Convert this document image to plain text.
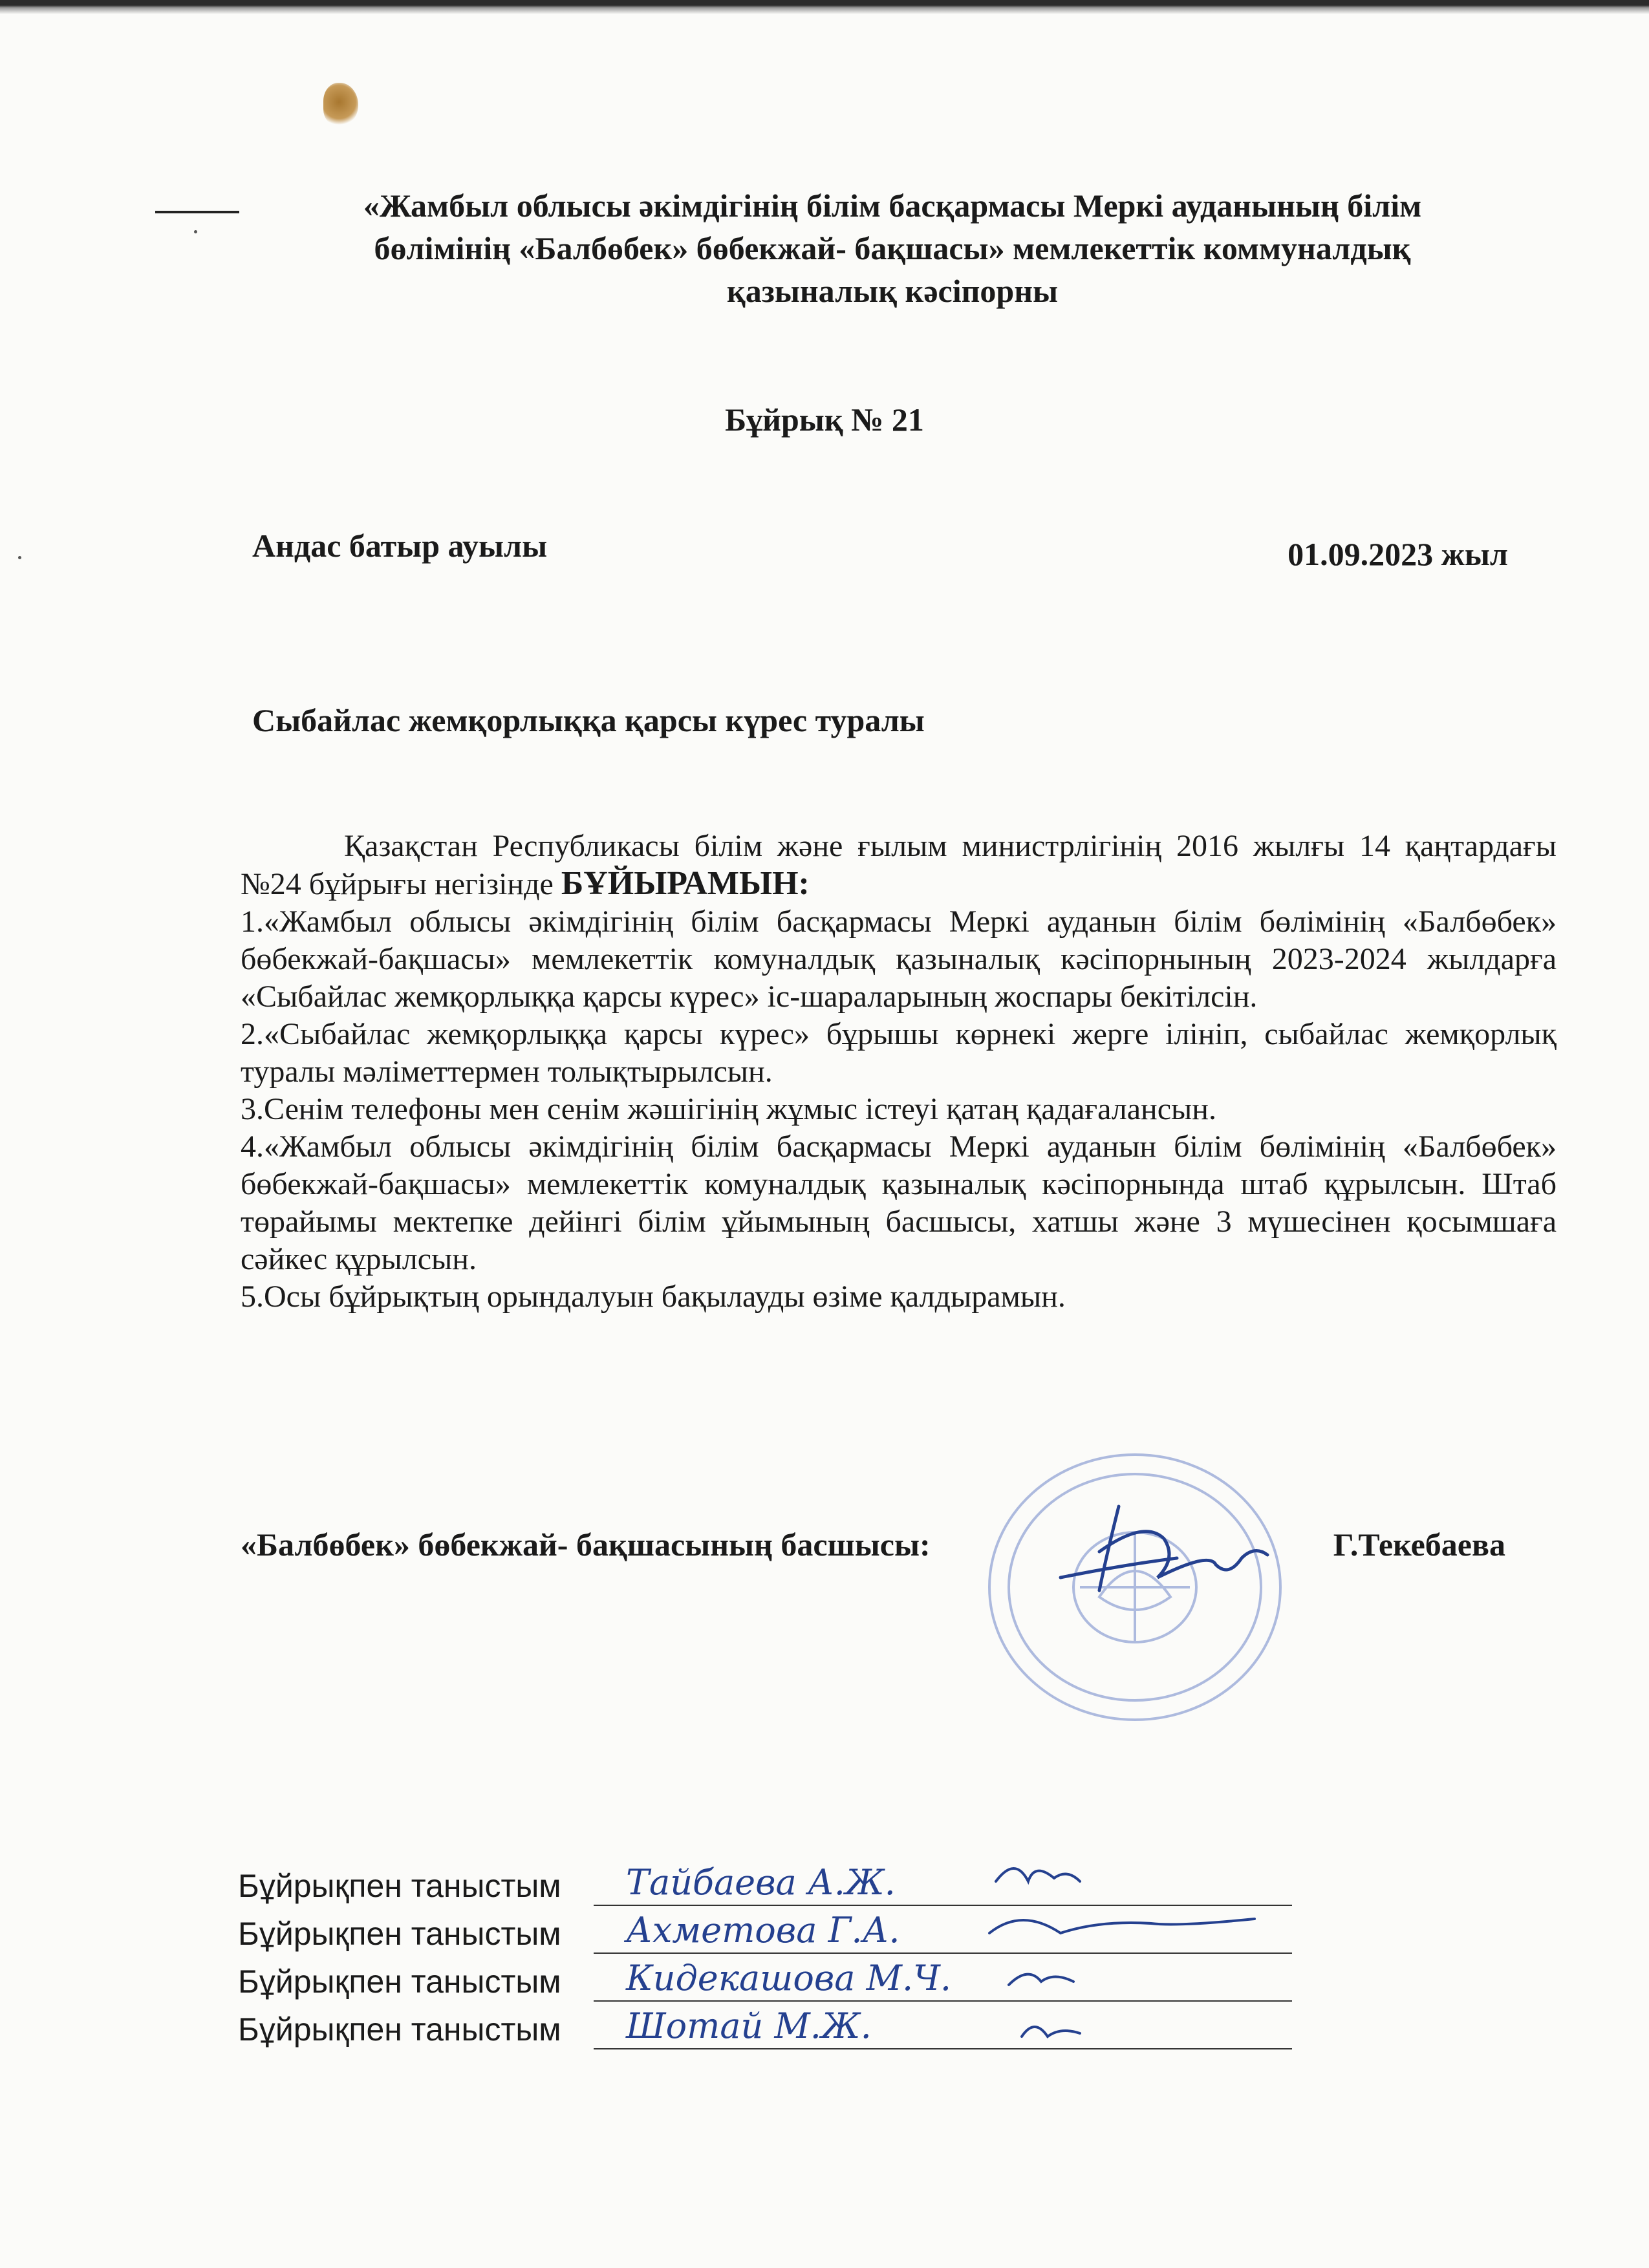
«Жамбыл облысы әкімдігінің білім басқармасы Меркі ауданының білім
бөлімінің «Балбөбек» бөбекжай- бақшасы» мемлекеттік коммуналдық
қазыналық кәсіпорны
Бұйрық № 21
Андас батыр ауылы	01.09.2023 жыл
Сыбайлас жемқорлыққа қарсы күрес туралы

Қазақстан Республикасы білім және ғылым министрлігінің 2016 жылғы 14 қаңтардағы №24 бұйрығы негізінде БҰЙЫРАМЫН:

1.«Жамбыл облысы әкімдігінің білім басқармасы Меркі ауданын білім бөлімінің «Балбөбек» бөбекжай-бақшасы» мемлекеттік комуналдық қазыналық кәсіпорнының 2023-2024 жылдарға «Сыбайлас жемқорлыққа қарсы күрес» іс-шараларының жоспары бекітілсін.

2.«Сыбайлас жемқорлыққа қарсы күрес» бұрышы көрнекі жерге ілініп, сыбайлас жемқорлық туралы мәліметтермен толықтырылсын.

3.Сенім телефоны мен сенім жәшігінің жұмыс істеуі қатаң қадағалансын.

4.«Жамбыл облысы әкімдігінің білім басқармасы Меркі ауданын білім бөлімінің «Балбөбек» бөбекжай-бақшасы» мемлекеттік комуналдық қазыналық кәсіпорнында штаб құрылсын. Штаб төрайымы мектепке дейінгі білім ұйымының басшысы, хатшы және 3 мүшесінен қосымшаға сәйкес құрылсын.

5.Осы бұйрықтың орындалуын бақылауды өзіме қалдырамын.

«Балбөбек» бөбекжай- бақшасының басшысы:	Г.Текебаева
Бұйрықпен таныстым Тайбаева А.Ж.
Бұйрықпен таныстым Ахметова Г.А.
Бұйрықпен таныстым Кидекашова М.Ч.
Бұйрықпен таныстым Шотай М.Ж.
